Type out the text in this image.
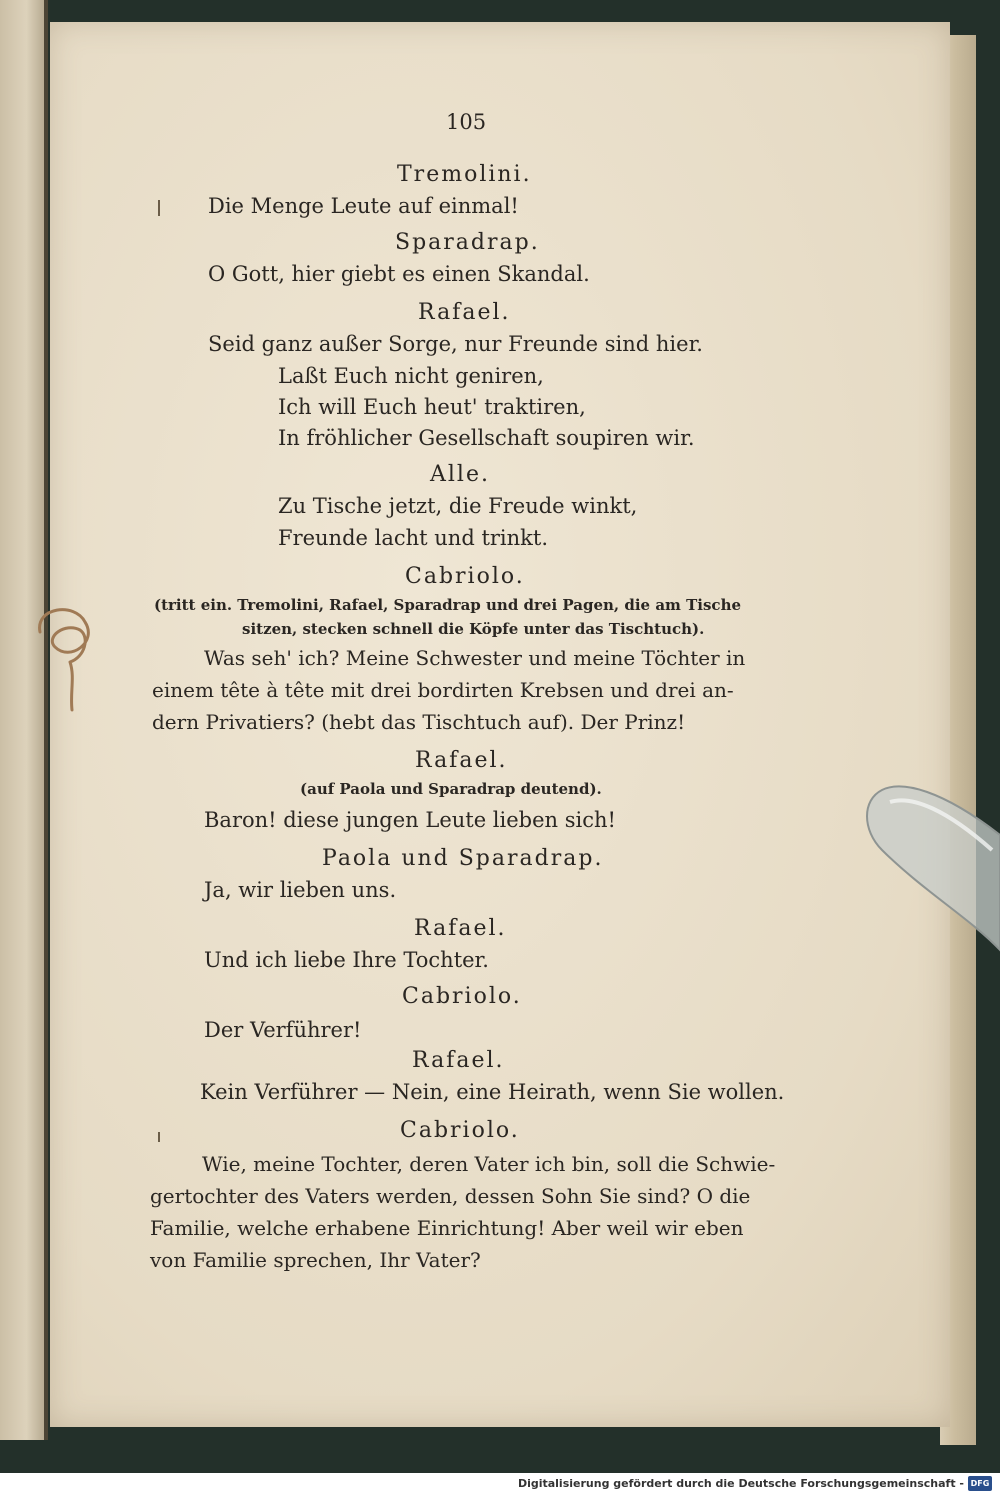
105
Tremolini.
Die Menge Leute auf einmal!
Sparadrap.
O Gott, hier giebt es einen Skandal.
Rafael.
Seid ganz außer Sorge, nur Freunde sind hier.
Laßt Euch nicht geniren,
Ich will Euch heut' traktiren,
In fröhlicher Gesellschaft soupiren wir.
Alle.
Zu Tische jetzt, die Freude winkt,
Freunde lacht und trinkt.
Cabriolo.
(tritt ein. Tremolini, Rafael, Sparadrap und drei Pagen, die am Tische
sitzen, stecken schnell die Köpfe unter das Tischtuch).
Was seh' ich? Meine Schwester und meine Töchter in
einem tête à tête mit drei bordirten Krebsen und drei an-
dern Privatiers? (hebt das Tischtuch auf). Der Prinz!
Rafael.
(auf Paola und Sparadrap deutend).
Baron! diese jungen Leute lieben sich!
Paola und Sparadrap.
Ja, wir lieben uns.
Rafael.
Und ich liebe Ihre Tochter.
Cabriolo.
Der Verführer!
Rafael.
Kein Verführer — Nein, eine Heirath, wenn Sie wollen.
Cabriolo.
Wie, meine Tochter, deren Vater ich bin, soll die Schwie-
gertochter des Vaters werden, dessen Sohn Sie sind? O die
Familie, welche erhabene Einrichtung! Aber weil wir eben
von Familie sprechen, Ihr Vater?
Digitalisierung gefördert durch die Deutsche Forschungsgemeinschaft - DFG
